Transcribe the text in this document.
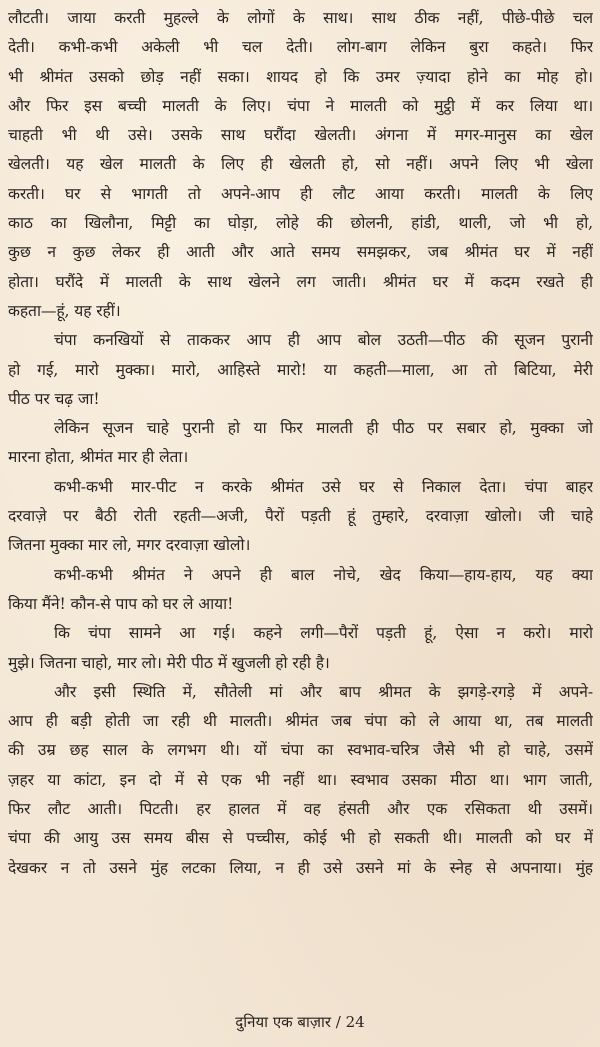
लौटती। जाया करती मुहल्ले के लोगों के साथ। साथ ठीक नहीं, पीछे-पीछे चल
देती। कभी-कभी अकेली भी चल देती। लोग-बाग लेकिन बुरा कहते। फिर
भी श्रीमंत उसको छोड़ नहीं सका। शायद हो कि उमर ज़्यादा होने का मोह हो।
और फिर इस बच्ची मालती के लिए। चंपा ने मालती को मुट्ठी में कर लिया था।
चाहती भी थी उसे। उसके साथ घरौंदा खेलती। अंगना में मगर-मानुस का खेल
खेलती। यह खेल मालती के लिए ही खेलती हो, सो नहीं। अपने लिए भी खेला
करती। घर से भागती तो अपने-आप ही लौट आया करती। मालती के लिए
काठ का खिलौना, मिट्टी का घोड़ा, लोहे की छोलनी, हांडी, थाली, जो भी हो,
कुछ न कुछ लेकर ही आती और आते समय समझकर, जब श्रीमंत घर में नहीं
होता। घरौंदे में मालती के साथ खेलने लग जाती। श्रीमंत घर में कदम रखते ही
कहता—हूं, यह रहीं।
चंपा कनखियों से ताककर आप ही आप बोल उठती—पीठ की सूजन पुरानी
हो गई, मारो मुक्का। मारो, आहिस्ते मारो! या कहती—माला, आ तो बिटिया, मेरी
पीठ पर चढ़ जा!
लेकिन सूजन चाहे पुरानी हो या फिर मालती ही पीठ पर सबार हो, मुक्का जो
मारना होता, श्रीमंत मार ही लेता।
कभी-कभी मार-पीट न करके श्रीमंत उसे घर से निकाल देता। चंपा बाहर
दरवाज़े पर बैठी रोती रहती—अजी, पैरों पड़ती हूं तुम्हारे, दरवाज़ा खोलो। जी चाहे
जितना मुक्का मार लो, मगर दरवाज़ा खोलो।
कभी-कभी श्रीमंत ने अपने ही बाल नोचे, खेद किया—हाय-हाय, यह क्या
किया मैंने! कौन-से पाप को घर ले आया!
कि चंपा सामने आ गई। कहने लगी—पैरों पड़ती हूं, ऐसा न करो। मारो
मुझे। जितना चाहो, मार लो। मेरी पीठ में खुजली हो रही है।
और इसी स्थिति में, सौतेली मां और बाप श्रीमत के झगड़े-रगड़े में अपने-
आप ही बड़ी होती जा रही थी मालती। श्रीमंत जब चंपा को ले आया था, तब मालती
की उम्र छह साल के लगभग थी। यों चंपा का स्वभाव-चरित्र जैसे भी हो चाहे, उसमें
ज़हर या कांटा, इन दो में से एक भी नहीं था। स्वभाव उसका मीठा था। भाग जाती,
फिर लौट आती। पिटती। हर हालत में वह हंसती और एक रसिकता थी उसमें।
चंपा की आयु उस समय बीस से पच्चीस, कोई भी हो सकती थी। मालती को घर में
देखकर न तो उसने मुंह लटका लिया, न ही उसे उसने मां के स्नेह से अपनाया। मुंह
दुनिया एक बाज़ार / 24
